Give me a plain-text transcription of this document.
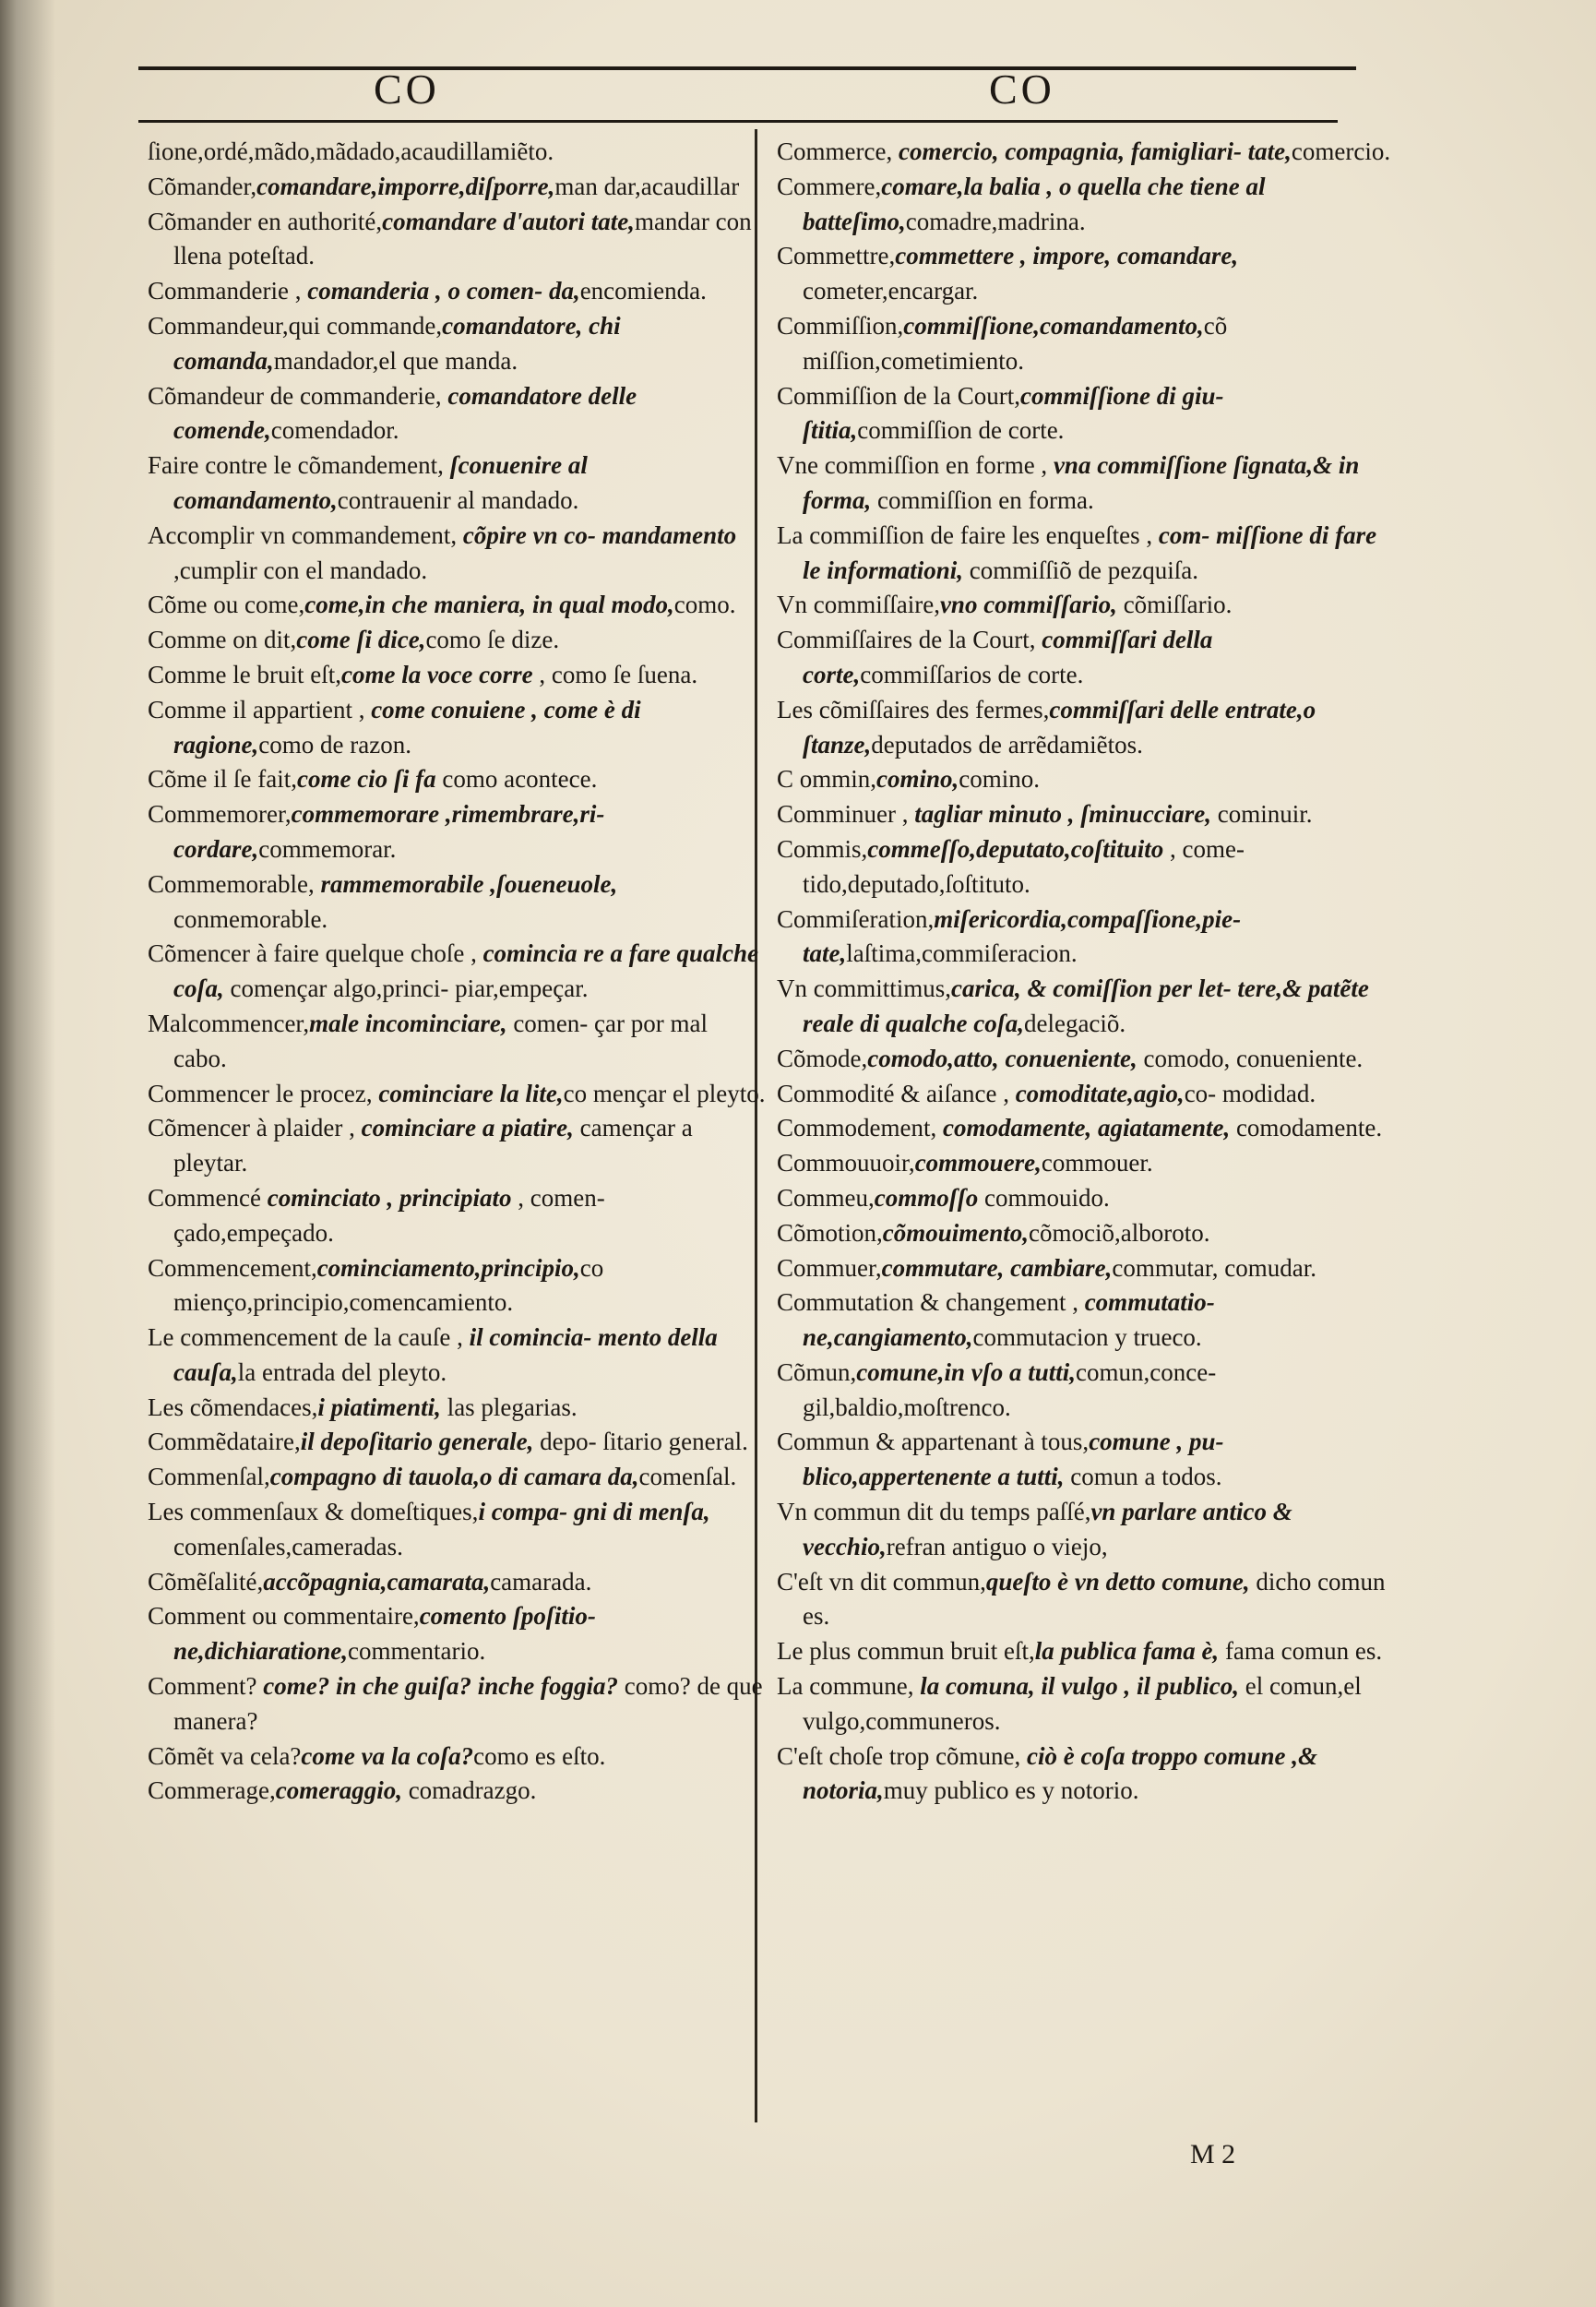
CO	CO

ſione,ordé,mãdo,mãdado,acaudillamiẽto.

Cõmander,comandare,imporre,diſporre,man dar,acaudillar

Cõmander en authorité,comandare d'autori tate,mandar con llena poteſtad.

Commanderie , comanderia , o comen- da,encomienda.

Commandeur,qui commande,comandatore, chi comanda,mandador,el que manda.

Cõmandeur de commanderie, comandatore delle comende,comendador.

Faire contre le cõmandement, ſconuenire al comandamento,contrauenir al mandado.

Accomplir vn commandement, cõpire vn co- mandamento ,cumplir con el mandado.

Cõme ou come,come,in che maniera, in qual modo,como.

Comme on dit,come ſi dice,como ſe dize.

Comme le bruit eſt,come la voce corre , como ſe ſuena.

Comme il appartient , come conuiene , come è di ragione,como de razon.

Cõme il ſe fait,come cio ſi fa como acontece.

Commemorer,commemorare ,rimembrare,ri- cordare,commemorar.

Commemorable, rammemorabile ,ſoueneuole, conmemorable.

Cõmencer à faire quelque choſe , comincia re a fare qualche coſa, començar algo,princi- piar,empeçar.

Malcommencer,male incominciare, comen- çar por mal cabo.

Commencer le procez, cominciare la lite,co mençar el pleyto.

Cõmencer à plaider , cominciare a piatire, camençar a pleytar.

Commencé cominciato , principiato , comen- çado,empeçado.

Commencement,cominciamento,principio,co mienço,principio,comencamiento.

Le commencement de la cauſe , il comincia- mento della cauſa,la entrada del pleyto.

Les cõmendaces,i piatimenti, las plegarias.

Commẽdataire,il depoſitario generale, depo- ſitario general.

Commenſal,compagno di tauola,o di camara da,comenſal.

Les commenſaux & domeſtiques,i compa- gni di menſa, comenſales,cameradas.

Cõmẽſalité,accõpagnia,camarata,camarada.

Comment ou commentaire,comento ſpoſitio- ne,dichiaratione,commentario.

Comment? come? in che guiſa? inche foggia? como? de que manera?

Cõmẽt va cela?come va la coſa?como es eſto.

Commerage,comeraggio, comadrazgo.

Commerce, comercio, compagnia, famigliari- tate,comercio.

Commere,comare,la balia , o quella che tiene al batteſimo,comadre,madrina.

Commettre,commettere , impore, comandare, cometer,encargar.

Commiſſion,commiſſione,comandamento,cõ miſſion,cometimiento.

Commiſſion de la Court,commiſſione di giu- ſtitia,commiſſion de corte.

Vne commiſſion en forme , vna commiſſione ſignata,& in forma, commiſſion en forma.

La commiſſion de faire les enqueſtes , com- miſſione di fare le informationi, commiſſiõ de pezquiſa.

Vn commiſſaire,vno commiſſario, cõmiſſario.

Commiſſaires de la Court, commiſſari della corte,commiſſarios de corte.

Les cõmiſſaires des fermes,commiſſari delle entrate,o ſtanze,deputados de arrẽdamiẽtos.

C ommin,comino,comino.

Comminuer , tagliar minuto , ſminucciare, cominuir.

Commis,commeſſo,deputato,coſtituito , come- tido,deputado,ſoſtituto.

Commiſeration,miſericordia,compaſſione,pie- tate,laſtima,commiſeracion.

Vn committimus,carica, & comiſſion per let- tere,& patẽte reale di qualche coſa,delegaciõ.

Cõmode,comodo,atto, conueniente, comodo, conueniente.

Commodité & aiſance , comoditate,agio,co- modidad.

Commodement, comodamente, agiatamente, comodamente.

Commouuoir,commouere,commouer.

Commeu,commoſſo commouido.

Cõmotion,cõmouimento,cõmociõ,alboroto.

Commuer,commutare, cambiare,commutar, comudar.

Commutation & changement , commutatio- ne,cangiamento,commutacion y trueco.

Cõmun,comune,in vſo a tutti,comun,conce- gil,baldio,moſtrenco.

Commun & appartenant à tous,comune , pu- blico,appertenente a tutti, comun a todos.

Vn commun dit du temps paſſé,vn parlare antico & vecchio,refran antiguo o viejo,

C'eſt vn dit commun,queſto è vn detto comune, dicho comun es.

Le plus commun bruit eſt,la publica fama è, fama comun es.

La commune, la comuna, il vulgo , il publico, el comun,el vulgo,communeros.

C'eſt choſe trop cõmune, ciò è coſa troppo comune ,& notoria,muy publico es y notorio.

M 2
